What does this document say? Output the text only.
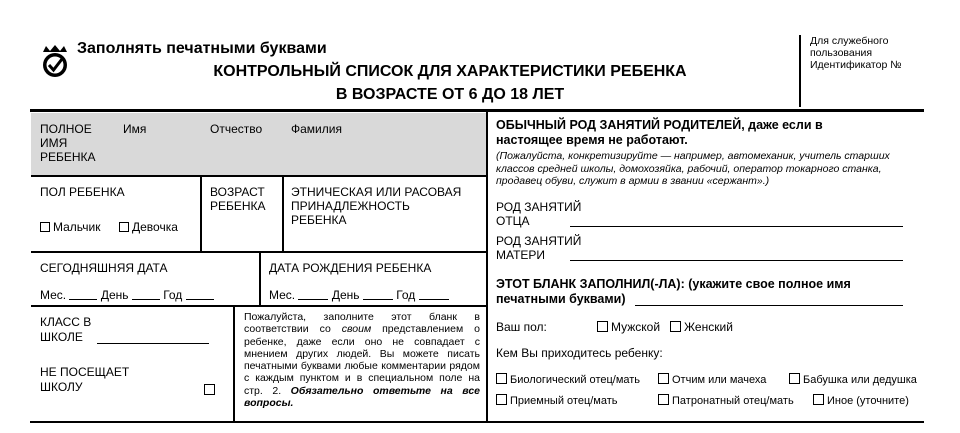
Заполнять печатными буквами
КОНТРОЛЬНЫЙ СПИСОК ДЛЯ ХАРАКТЕРИСТИКИ РЕБЕНКА
В ВОЗРАСТЕ ОТ 6 ДО 18 ЛЕТ
Для служебного
пользования
Идентификатор №
ПОЛНОЕ
ИМЯ
РЕБЕНКА
Имя	Отчество Фамилия
ПОЛ РЕБЕНКА
Мальчик	Девочка
ВОЗРАСТ
РЕБЕНКА
ЭТНИЧЕСКАЯ ИЛИ РАСОВАЯ
ПРИНАДЛЕЖНОСТЬ
РЕБЕНКА
СЕГОДНЯШНЯЯ ДАТА
Мес.	День	Год
ДАТА РОЖДЕНИЯ РЕБЕНКА
Мес.	День	Год
КЛАСС В
ШКОЛЕ
НЕ ПОСЕЩАЕТ
ШКОЛУ
Пожалуйста, заполните этот бланк в соответствии со своим представлением о ребенке, даже если оно не совпадает с мнением других людей. Вы можете писать печатными буквами любые комментарии рядом с каждым пунктом и в специальном поле на стр. 2. Обязательно ответьте на все вопросы.
ОБЫЧНЫЙ РОД ЗАНЯТИЙ РОДИТЕЛЕЙ, даже если в
настоящее время не работают.
(Пожалуйста, конкретизируйте — например, автомеханик, учитель старших классов средней школы, домохозяйка, рабочий, оператор токарного станка, продавец обуви, служит в армии в звании «сержант».)
РОД ЗАНЯТИЙ
ОТЦА
РОД ЗАНЯТИЙ
МАТЕРИ
ЭТОТ БЛАНК ЗАПОЛНИЛ(-ЛА): (укажите свое полное имя
печатными буквами)
Ваш пол:	Мужской	Женский
Кем Вы приходитесь ребенку:
Биологический отец/мать	Отчим или мачеха	Бабушка или дедушка
Приемный отец/мать	Патронатный отец/мать	Иное (уточните)
